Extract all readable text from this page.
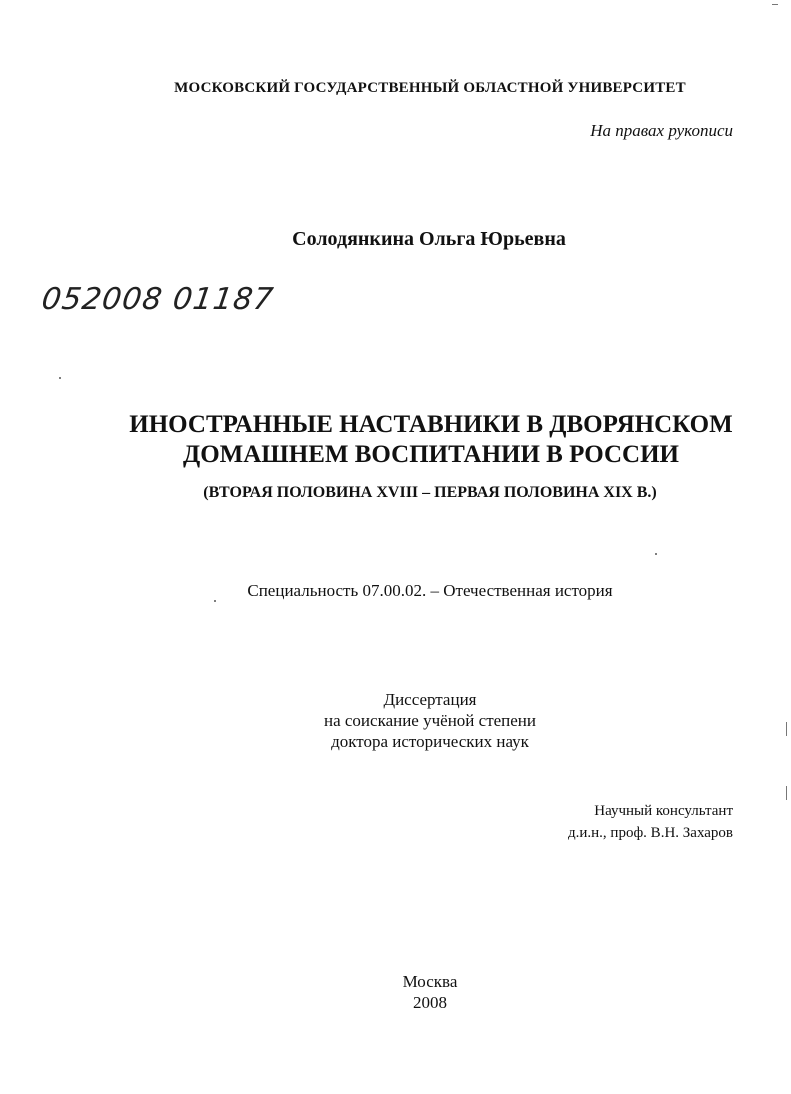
МОСКОВСКИЙ ГОСУДАРСТВЕННЫЙ ОБЛАСТНОЙ УНИВЕРСИТЕТ
На правах рукописи
Солодянкина Ольга Юрьевна
052008 01187
ИНОСТРАННЫЕ НАСТАВНИКИ В ДВОРЯНСКОМ
ДОМАШНЕМ ВОСПИТАНИИ В РОССИИ
(ВТОРАЯ ПОЛОВИНА XVIII – ПЕРВАЯ ПОЛОВИНА XIX В.)
Специальность 07.00.02. – Отечественная история
Диссертация
на соискание учёной степени
доктора исторических наук
Научный консультант
д.и.н., проф. В.Н. Захаров
Москва
2008
